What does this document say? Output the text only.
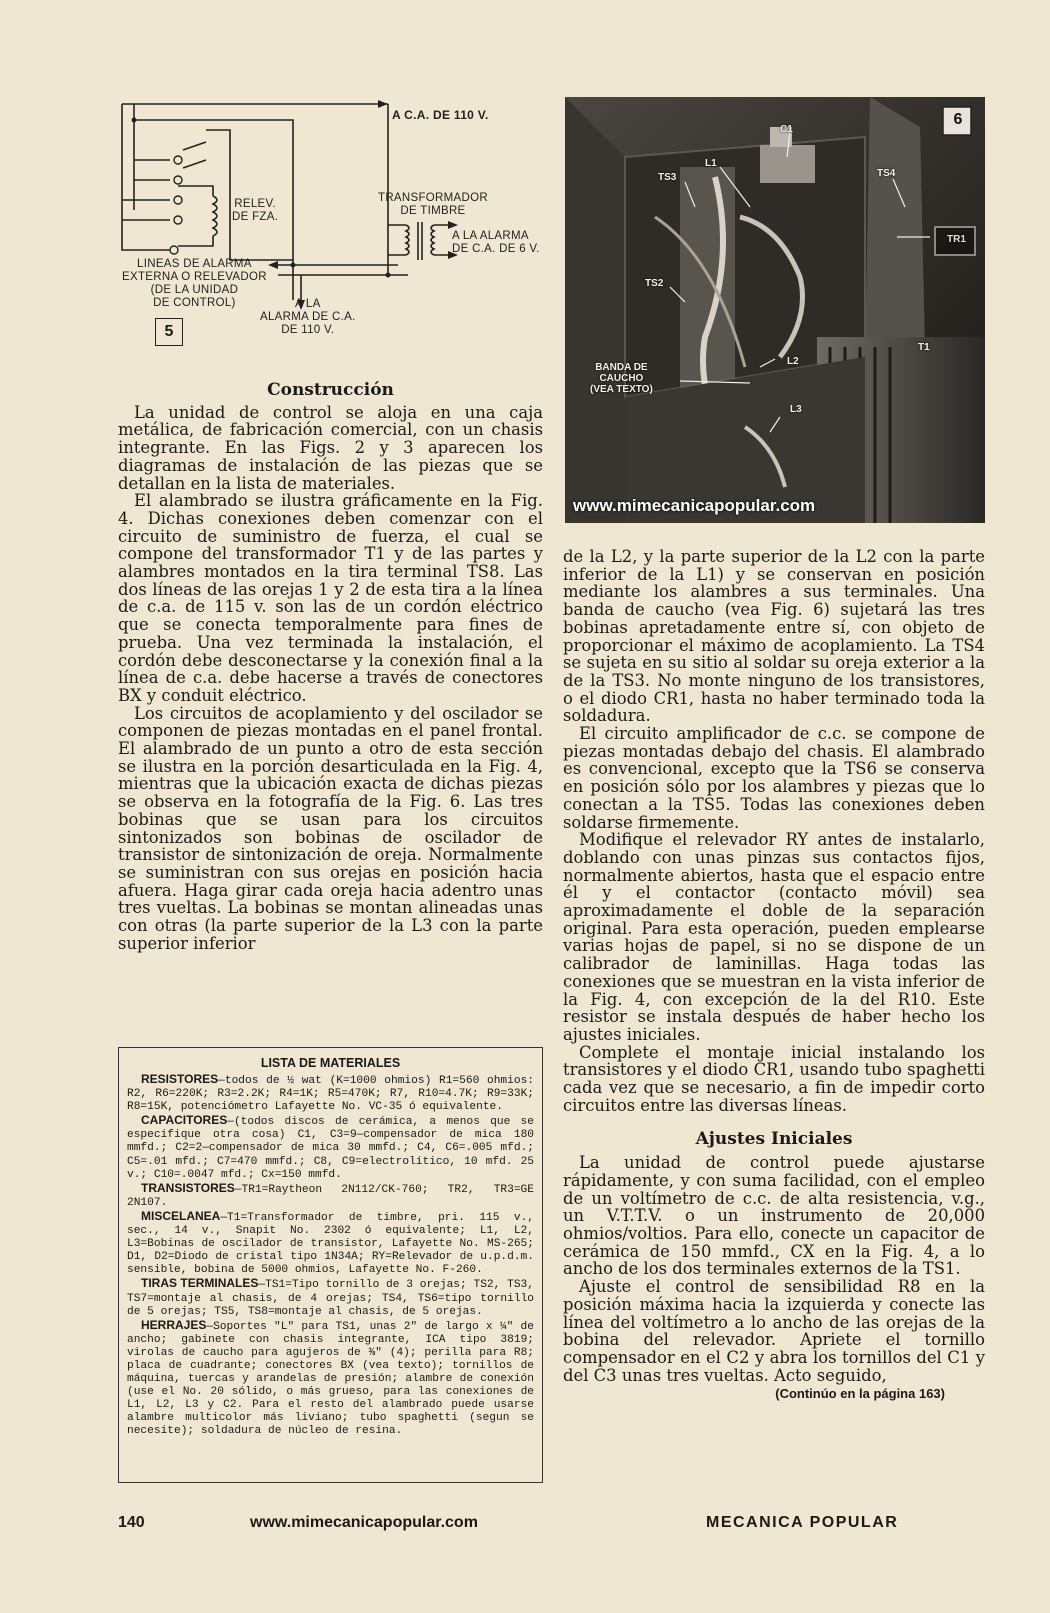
A C.A. DE 110 V.
RELEV.
DE FZA.
TRANSFORMADOR
DE TIMBRE
A LA ALARMA
DE C.A. DE 6 V.
LINEAS DE ALARMA
EXTERNA O RELEVADOR
(DE LA UNIDAD
DE CONTROL)	A LA
ALARMA DE C.A.
DE 110 V.
5
6
C1
L1
TS3	TS4
TR1
TS2
L2
T1
BANDA DE
CAUCHO
(VEA TEXTO)
L3
www.mimecanicapopular.com
Construcción

La unidad de control se aloja en una caja metálica, de fabricación comercial, con un chasis integrante. En las Figs. 2 y 3 aparecen los diagramas de instalación de las piezas que se detallan en la lista de materiales.

El alambrado se ilustra gráficamente en la Fig. 4. Dichas conexiones deben comenzar con el circuito de suministro de fuerza, el cual se compone del transformador T1 y de las partes y alambres montados en la tira terminal TS8. Las dos líneas de las orejas 1 y 2 de esta tira a la línea de c.a. de 115 v. son las de un cordón eléctrico que se conecta temporalmente para fines de prueba. Una vez terminada la instalación, el cordón debe desconectarse y la conexión final a la línea de c.a. debe hacerse a través de conectores BX y conduit eléctrico.

Los circuitos de acoplamiento y del oscilador se componen de piezas montadas en el panel frontal. El alambrado de un punto a otro de esta sección se ilustra en la porción desarticulada en la Fig. 4, mientras que la ubicación exacta de dichas piezas se observa en la fotografía de la Fig. 6. Las tres bobinas que se usan para los circuitos sintonizados son bobinas de oscilador de transistor de sintonización de oreja. Normalmente se suministran con sus orejas en posición hacia afuera. Haga girar cada oreja hacia adentro unas tres vueltas. La bobinas se montan alineadas unas con otras (la parte superior de la L3 con la parte superior inferior

LISTA DE MATERIALES

RESISTORES—todos de ½ wat (K=1000 ohmios) R1=560 ohmios: R2, R6=220K; R3=2.2K; R4=1K; R5=470K; R7, R10=4.7K; R9=33K; R8=15K, potenciómetro Lafayette No. VC-35 ó equivalente.

CAPACITORES—(todos discos de cerámica, a menos que se especifique otra cosa) C1, C3=9—compensador de mica 180 mmfd.; C2=2—compensador de mica 30 mmfd.; C4, C6=.005 mfd.; C5=.01 mfd.; C7=470 mmfd.; C8, C9=electrolítico, 10 mfd. 25 v.; C10=.0047 mfd.; Cx=150 mmfd.

TRANSISTORES—TR1=Raytheon 2N112/CK-760; TR2, TR3=GE 2N107.

MISCELANEA—T1=Transformador de timbre, pri. 115 v., sec., 14 v., Snapit No. 2302 ó equivalente; L1, L2, L3=Bobinas de oscilador de transistor, Lafayette No. MS-265; D1, D2=Diodo de cristal tipo 1N34A; RY=Relevador de u.p.d.m. sensible, bobina de 5000 ohmios, Lafayette No. F-260.

TIRAS TERMINALES—TS1=Tipo tornillo de 3 orejas; TS2, TS3, TS7=montaje al chasis, de 4 orejas; TS4, TS6=tipo tornillo de 5 orejas; TS5, TS8=montaje al chasis, de 5 orejas.

HERRAJES—Soportes "L" para TS1, unas 2" de largo x ¼" de ancho; gabinete con chasis integrante, ICA tipo 3819; virolas de caucho para agujeros de ⅜" (4); perilla para R8; placa de cuadrante; conectores BX (vea texto); tornillos de máquina, tuercas y arandelas de presión; alambre de conexión (use el No. 20 sólido, o más grueso, para las conexiones de L1, L2, L3 y C2. Para el resto del alambrado puede usarse alambre multicolor más liviano; tubo spaghetti (segun se necesite); soldadura de núcleo de resina.

de la L2, y la parte superior de la L2 con la parte inferior de la L1) y se conservan en posición mediante los alambres a sus terminales. Una banda de caucho (vea Fig. 6) sujetará las tres bobinas apretadamente entre sí, con objeto de proporcionar el máximo de acoplamiento. La TS4 se sujeta en su sitio al soldar su oreja exterior a la de la TS3. No monte ninguno de los transistores, o el diodo CR1, hasta no haber terminado toda la soldadura.

El circuito amplificador de c.c. se compone de piezas montadas debajo del chasis. El alambrado es convencional, excepto que la TS6 se conserva en posición sólo por los alambres y piezas que lo conectan a la TS5. Todas las conexiones deben soldarse firmemente.

Modifique el relevador RY antes de instalarlo, doblando con unas pinzas sus contactos fijos, normalmente abiertos, hasta que el espacio entre él y el contactor (contacto móvil) sea aproximadamente el doble de la separación original. Para esta operación, pueden emplearse varias hojas de papel, si no se dispone de un calibrador de laminillas. Haga todas las conexiones que se muestran en la vista inferior de la Fig. 4, con excepción de la del R10. Este resistor se instala después de haber hecho los ajustes iniciales.

Complete el montaje inicial instalando los transistores y el diodo CR1, usando tubo spaghetti cada vez que se necesario, a fin de impedir corto circuitos entre las diversas líneas.

Ajustes Iniciales

La unidad de control puede ajustarse rápidamente, y con suma facilidad, con el empleo de un voltímetro de c.c. de alta resistencia, v.g., un V.T.T.V. o un instrumento de 20,000 ohmios/voltios. Para ello, conecte un capacitor de cerámica de 150 mmfd., CX en la Fig. 4, a lo ancho de los dos terminales externos de la TS1.

Ajuste el control de sensibilidad R8 en la posición máxima hacia la izquierda y conecte las línea del voltímetro a lo ancho de las orejas de la bobina del relevador. Apriete el tornillo compensador en el C2 y abra los tornillos del C1 y del C3 unas tres vueltas. Acto seguido,

(Continúo en la página 163)
140	www.mimecanicapopular.com	MECANICA POPULAR
